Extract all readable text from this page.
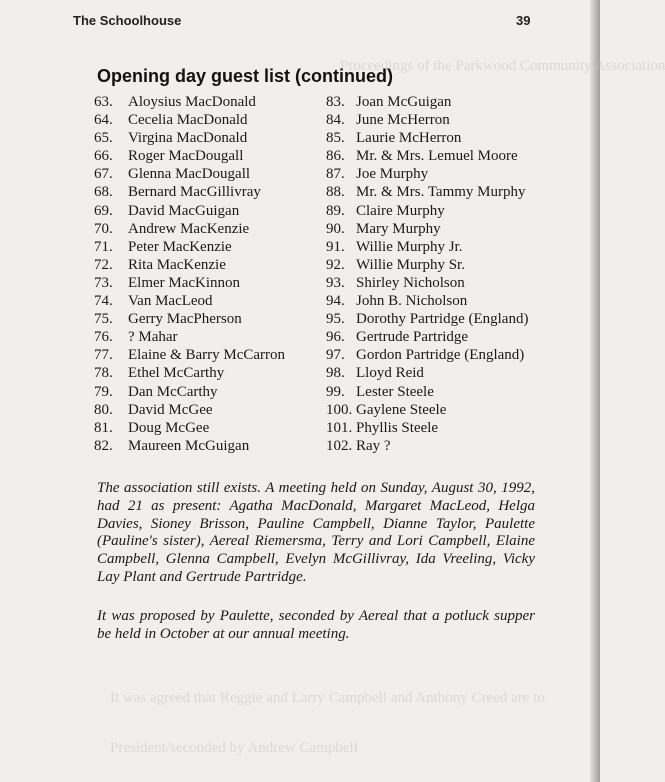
Proceedings of the Parkwood Community Association
It was agreed that Reggie and Larry Campbell and Anthony Creed are to
President/seconded by Andrew Campbell
The Schoolhouse	39
Opening day guest list (continued)
63. Aloysius MacDonald
64. Cecelia MacDonald
65. Virgina MacDonald
66. Roger MacDougall
67. Glenna MacDougall
68. Bernard MacGillivray
69. David MacGuigan
70. Andrew MacKenzie
71. Peter MacKenzie
72. Rita MacKenzie
73. Elmer MacKinnon
74. Van MacLeod
75. Gerry MacPherson
76. ? Mahar
77. Elaine & Barry McCarron
78. Ethel McCarthy
79. Dan McCarthy
80. David McGee
81. Doug McGee
82. Maureen McGuigan
83. Joan McGuigan
84. June McHerron
85. Laurie McHerron
86. Mr. & Mrs. Lemuel Moore
87. Joe Murphy
88. Mr. & Mrs. Tammy Murphy
89. Claire Murphy
90. Mary Murphy
91. Willie Murphy Jr.
92. Willie Murphy Sr.
93. Shirley Nicholson
94. John B. Nicholson
95. Dorothy Partridge (England)
96. Gertrude Partridge
97. Gordon Partridge (England)
98. Lloyd Reid
99. Lester Steele
100. Gaylene Steele
101. Phyllis Steele
102. Ray ?

The association still exists. A meeting held on Sunday, August 30, 1992, had 21 as present: Agatha MacDonald, Margaret MacLeod, Helga Davies, Sioney Brisson, Pauline Campbell, Dianne Taylor, Paulette (Pauline's sister), Aereal Riemersma, Terry and Lori Campbell, Elaine Campbell, Glenna Campbell, Evelyn McGillivray, Ida Vreeling, Vicky Lay Plant and Gertrude Partridge.

It was proposed by Paulette, seconded by Aereal that a potluck supper be held in October at our annual meeting.
